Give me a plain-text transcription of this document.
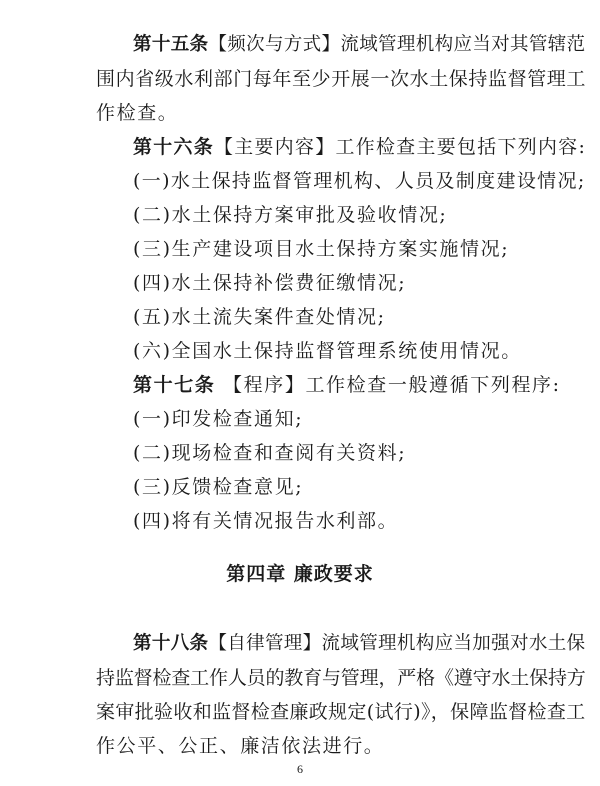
第十五条【频次与方式】流域管理机构应当对其管辖范
围内省级水利部门每年至少开展一次水土保持监督管理工
作检查。
第十六条【主要内容】工作检查主要包括下列内容:
(一)水土保持监督管理机构、人员及制度建设情况;
(二)水土保持方案审批及验收情况;
(三)生产建设项目水土保持方案实施情况;
(四)水土保持补偿费征缴情况;
(五)水土流失案件查处情况;
(六)全国水土保持监督管理系统使用情况。
第十七条 【程序】工作检查一般遵循下列程序:
(一)印发检查通知;
(二)现场检查和查阅有关资料;
(三)反馈检查意见;
(四)将有关情况报告水利部。
第四章 廉政要求
第十八条【自律管理】流域管理机构应当加强对水土保
持监督检查工作人员的教育与管理，严格《遵守水土保持方
案审批验收和监督检查廉政规定(试行)》，保障监督检查工
作公平、公正、廉洁依法进行。
6
